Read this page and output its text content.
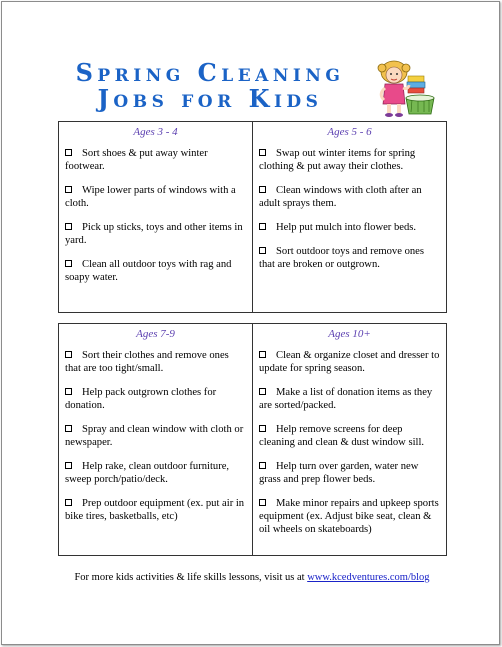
Spring Cleaning
Jobs for Kids
Ages 3 - 4
Sort shoes & put away winter footwear.
Wipe lower parts of windows with a cloth.
Pick up sticks, toys and other items in yard.
Clean all outdoor toys with rag and soapy water.
Ages 5 - 6
Swap out winter items for spring clothing & put away their clothes.
Clean windows with cloth after an adult sprays them.
Help put mulch into flower beds.
Sort outdoor toys and remove ones that are broken or outgrown.
Ages 7-9
Sort their clothes and remove ones that are too tight/small.
Help pack outgrown clothes for donation.
Spray and clean window with cloth or newspaper.
Help rake, clean outdoor furniture, sweep porch/patio/deck.
Prep outdoor equipment (ex. put air in bike tires, basketballs, etc)
Ages 10+
Clean & organize closet and dresser to update for spring season.
Make a list of donation items as they are sorted/packed.
Help remove screens for deep cleaning and clean & dust window sill.
Help turn over garden, water new grass and prep flower beds.
Make minor repairs and upkeep sports equipment (ex. Adjust bike seat, clean & oil wheels on skateboards)
For more kids activities & life skills lessons, visit us at www.kcedventures.com/blog
